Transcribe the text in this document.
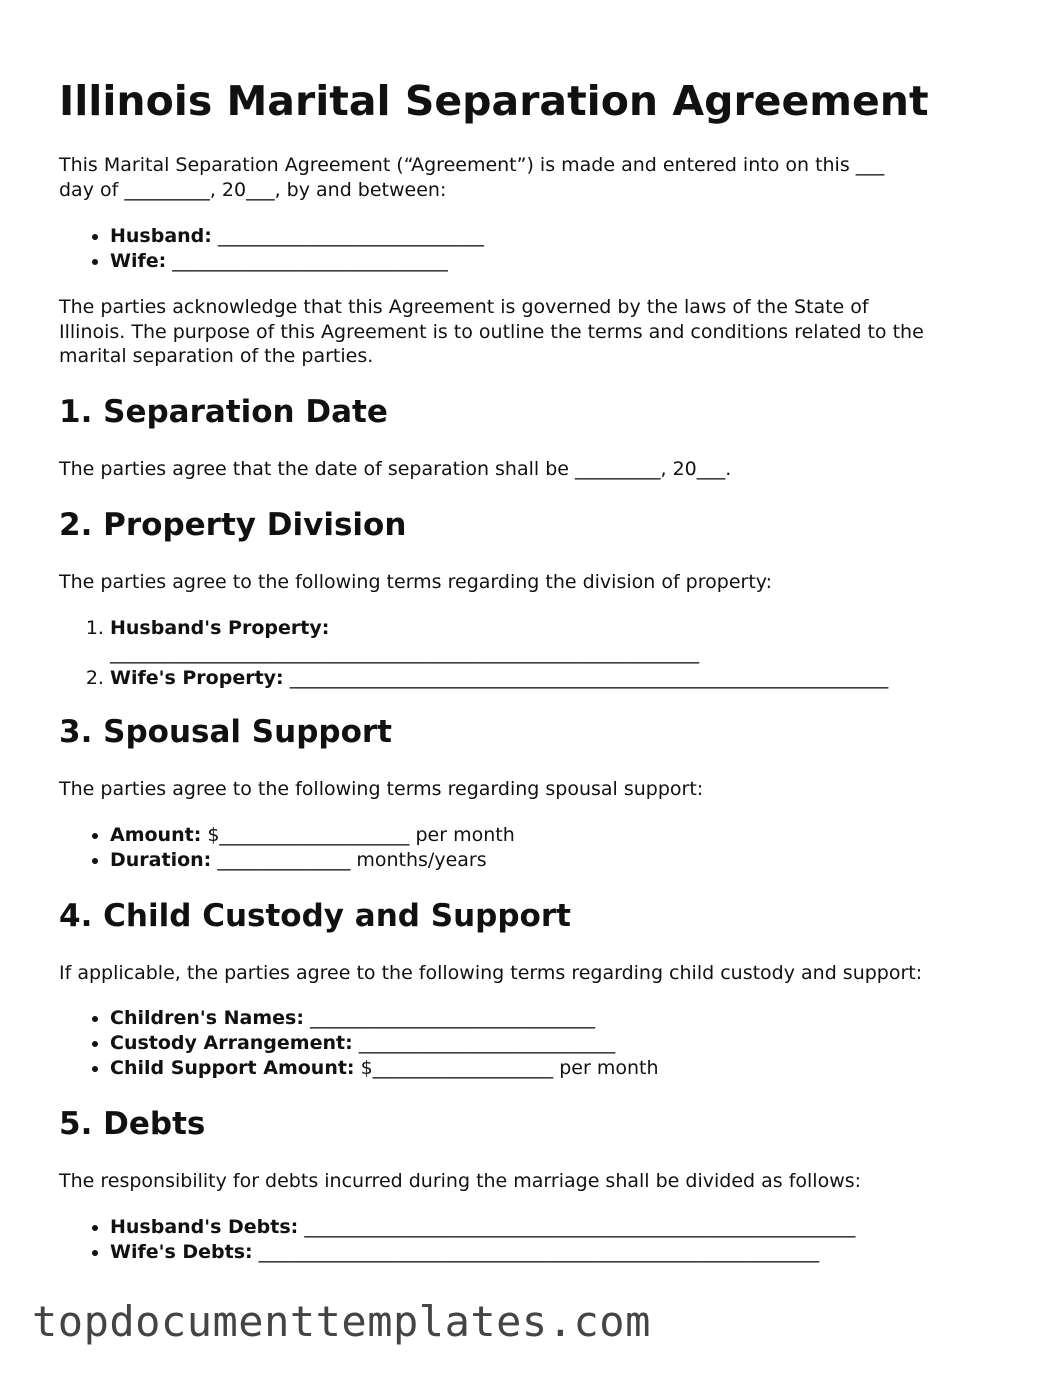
Illinois Marital Separation Agreement
This Marital Separation Agreement (“Agreement”) is made and entered into on this ___
day of _________, 20___, by and between:
• Husband: ____________________________
• Wife: _____________________________
The parties acknowledge that this Agreement is governed by the laws of the State of
Illinois. The purpose of this Agreement is to outline the terms and conditions related to the
marital separation of the parties.
1. Separation Date
The parties agree that the date of separation shall be _________, 20___.
2. Property Division
The parties agree to the following terms regarding the division of property:
1. Husband's Property: ______________________________________________________________
2. Wife's Property: _______________________________________________________________
3. Spousal Support
The parties agree to the following terms regarding spousal support:
• Amount: $____________________ per month
• Duration: ______________ months/years
4. Child Custody and Support
If applicable, the parties agree to the following terms regarding child custody and support:
• Children's Names: ______________________________
• Custody Arrangement: ___________________________
• Child Support Amount: $___________________ per month
5. Debts
The responsibility for debts incurred during the marriage shall be divided as follows:
• Husband's Debts: __________________________________________________________
• Wife's Debts: ___________________________________________________________
topdocumenttemplates.com
